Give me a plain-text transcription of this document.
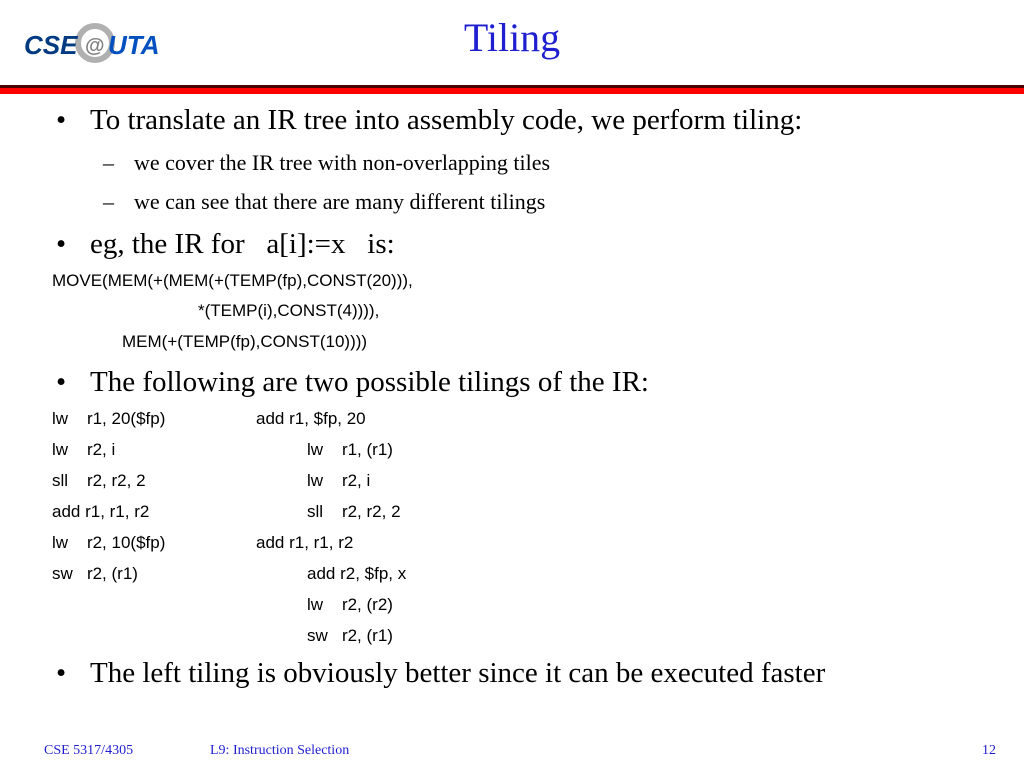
CSE @ UTA	Tiling
• To translate an IR tree into assembly code, we perform tiling:
– we cover the IR tree with non-overlapping tiles
– we can see that there are many different tilings
• eg, the IR for   a[i]:=x   is:
MOVE(MEM(+(MEM(+(TEMP(fp),CONST(20))),
*(TEMP(i),CONST(4)))),
MEM(+(TEMP(fp),CONST(10))))
• The following are two possible tilings of the IR:
lw    r1, 20($fp)
lw    r2, i
sll    r2, r2, 2
add r1, r1, r2
lw    r2, 10($fp)
sw   r2, (r1)
add r1, $fp, 20
lw    r1, (r1)
lw    r2, i
sll    r2, r2, 2
add r1, r1, r2
add r2, $fp, x
lw    r2, (r2)
sw   r2, (r1)
• The left tiling is obviously better since it can be executed faster
CSE 5317/4305	L9: Instruction Selection	12
